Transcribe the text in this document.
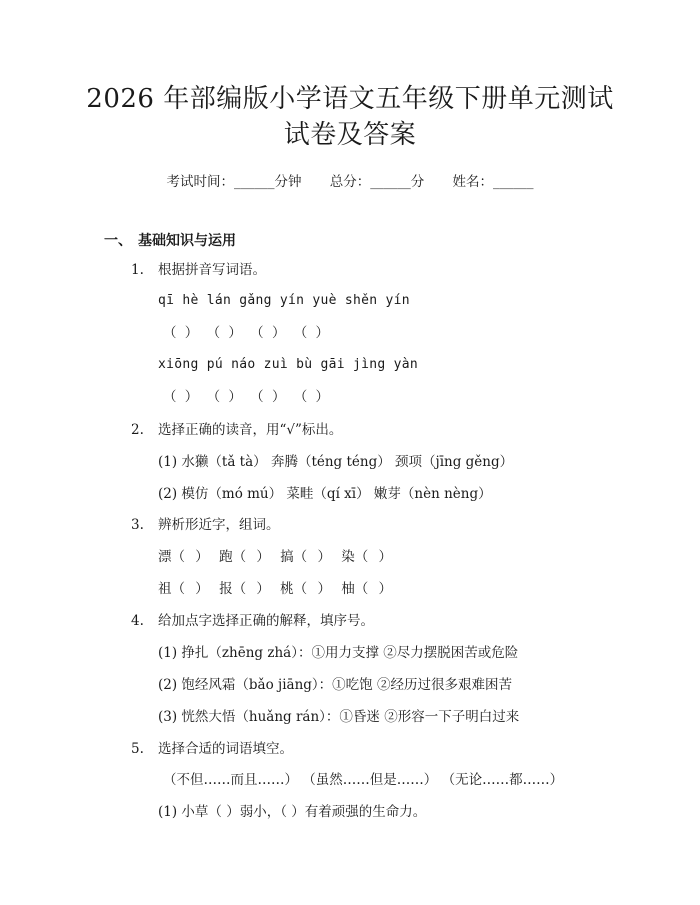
2026 年部编版小学语文五年级下册单元测试
试卷及答案
考试时间：______分钟 总分：______分 姓名：______
一、 基础知识与运用
1. 根据拼音写词语。
qī hè lán gǎng yín yuè shěn yín
（ ） （ ） （ ） （ ）
xiōng pú náo zuì bù gāi jìng yàn
（ ） （ ） （ ） （ ）
2. 选择正确的读音，用“√”标出。
(1) 水獭（tǎ tà） 奔腾（téng téng） 颈项（jīng gěng）
(2) 模仿（mó mú） 菜畦（qí xī） 嫩芽（nèn nèng）
3. 辨析形近字，组词。
漂（ ） 跑（ ） 搞（ ） 染（ ）
祖（ ） 报（ ） 桃（ ） 柚（ ）
4. 给加点字选择正确的解释，填序号。
(1) 挣扎（zhēng zhá）：①用力支撑 ②尽力摆脱困苦或危险
(2) 饱经风霜（bǎo jiāng）：①吃饱 ②经历过很多艰难困苦
(3) 恍然大悟（huǎng rán）：①昏迷 ②形容一下子明白过来
5. 选择合适的词语填空。
（不但……而且……） （虽然……但是……） （无论……都……）
(1) 小草（ ）弱小，（ ）有着顽强的生命力。
